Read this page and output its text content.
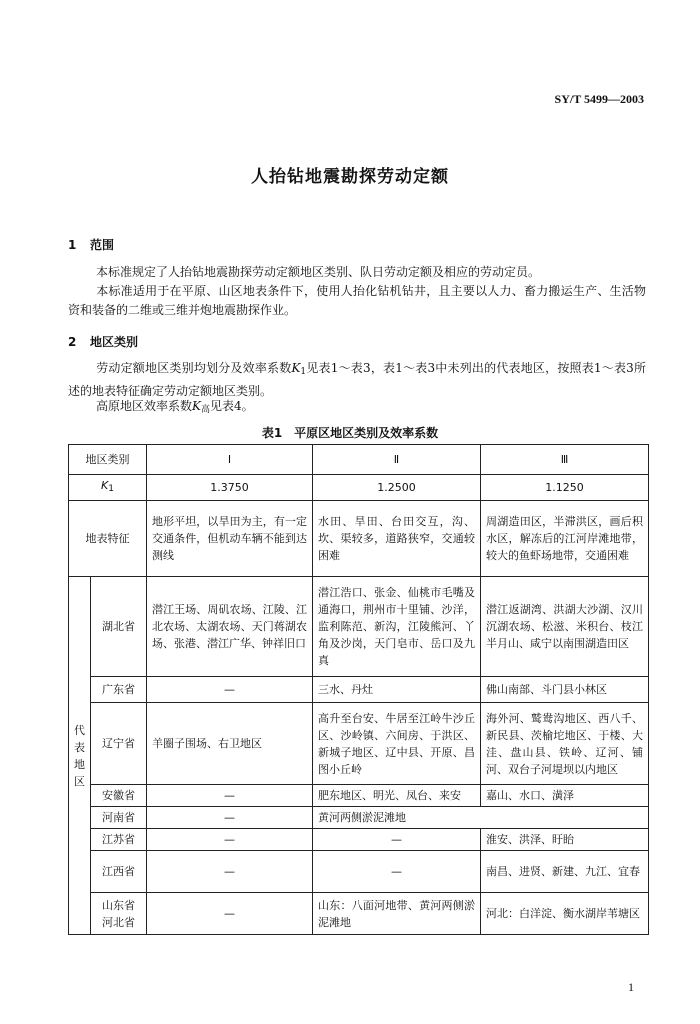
SY/T 5499—2003
人抬钻地震勘探劳动定额
1 范围
本标准规定了人抬钻地震勘探劳动定额地区类别、队日劳动定额及相应的劳动定员。
本标准适用于在平原、山区地表条件下，使用人抬化钻机钻井，且主要以人力、畜力搬运生产、生活物资和装备的二维或三维并炮地震勘探作业。
2 地区类别
劳动定额地区类别均划分及效率系数$K_1$见表1～表3，表1～表3中未列出的代表地区，按照表1～表3所述的地表特征确定劳动定额地区类别。
高原地区效率系数$K_高$见表4。
表1　平原区地区类别及效率系数
地区类别		Ⅰ	Ⅱ	Ⅲ
$K_1$		1.3750	1.2500	1.1250
地表特征		地形平坦，以旱田为主，有一定交通条件，但机动车辆不能到达测线	水田、旱田、台田交互，沟、坎、渠较多，道路狭窄，交通较困难	周湖造田区，半滞洪区，画后积水区，解冻后的江河岸滩地带，较大的鱼虾场地带，交通困难
代
表
地
区	湖北省	潜江王场、周矶农场、江陵、江北农场、太湖农场、天门蒋湖农场、张港、潜江广华、钟祥旧口	潜江浩口、张金、仙桃市毛嘴及通海口，荆州市十里铺、沙洋，监利陈范、新沟，江陵熊河、丫角及沙岗，天门皂市、岳口及九真	潜江返湖湾、洪湖大沙湖、汉川沉湖农场、松滋、米积台、枝江半月山、咸宁以南围湖造田区
	广东省	—	三水、丹灶	佛山南部、斗门县小林区
	辽宁省	羊圈子围场、右卫地区	高升至台安、牛居至江岭牛沙丘区、沙岭镇、六间房、于洪区、新城子地区、辽中县、开原、昌图小丘岭	海外河、鹫鸯沟地区、西八千、新民县、茨榆坨地区、于楼、大洼、盘山县、铁岭、辽河、铺河、双台子河堤坝以内地区
	安徽省	—	肥东地区、明光、凤台、来安	嘉山、水口、潢泽
	河南省	—	黄河两侧淤泥滩地	
	江苏省	—	—	淮安、洪泽、盱眙
	江西省	—	—	南昌、进贤、新建、九江、宜春
	山东省
河北省	—	山东：八面河地带、黄河两侧淤泥滩地	河北：白洋淀、衡水湖岸苇塘区
1
